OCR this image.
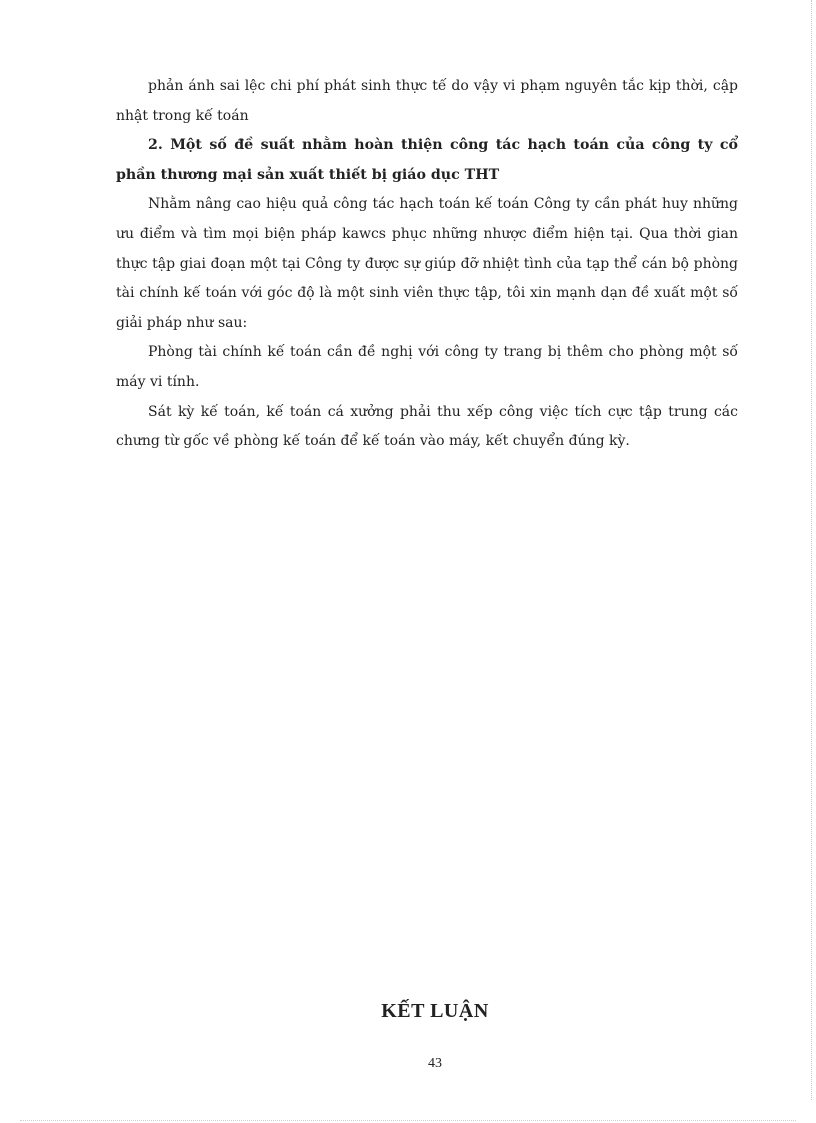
phản ánh sai lệc chi phí phát sinh thực tế do vậy vi phạm nguyên tắc kịp thời, cập nhật trong kế toán

2. Một số đề suất nhằm hoàn thiện công tác hạch toán của công ty cổ phần thương mại sản xuất thiết bị giáo dục THT

Nhằm nâng cao hiệu quả công tác hạch toán kế toán Công ty cần phát huy những ưu điểm và tìm mọi biện pháp kawcs phục những nhược điểm hiện tại. Qua thời gian thực tập giai đoạn một tại Công ty được sự giúp đỡ nhiệt tình của tạp thể cán bộ phòng tài chính kế toán với góc độ là một sinh viên thực tập, tôi xin mạnh dạn đề xuất một số giải pháp như sau:

Phòng tài chính kế toán cần đề nghị với công ty trang bị thêm cho phòng một số máy vi tính.

Sát kỳ kế toán, kế toán cá xưởng phải thu xếp công việc tích cực tập trung các chưng từ gốc về phòng kế toán để kế toán vào máy, kết chuyển đúng kỳ.

KẾT LUẬN
43
